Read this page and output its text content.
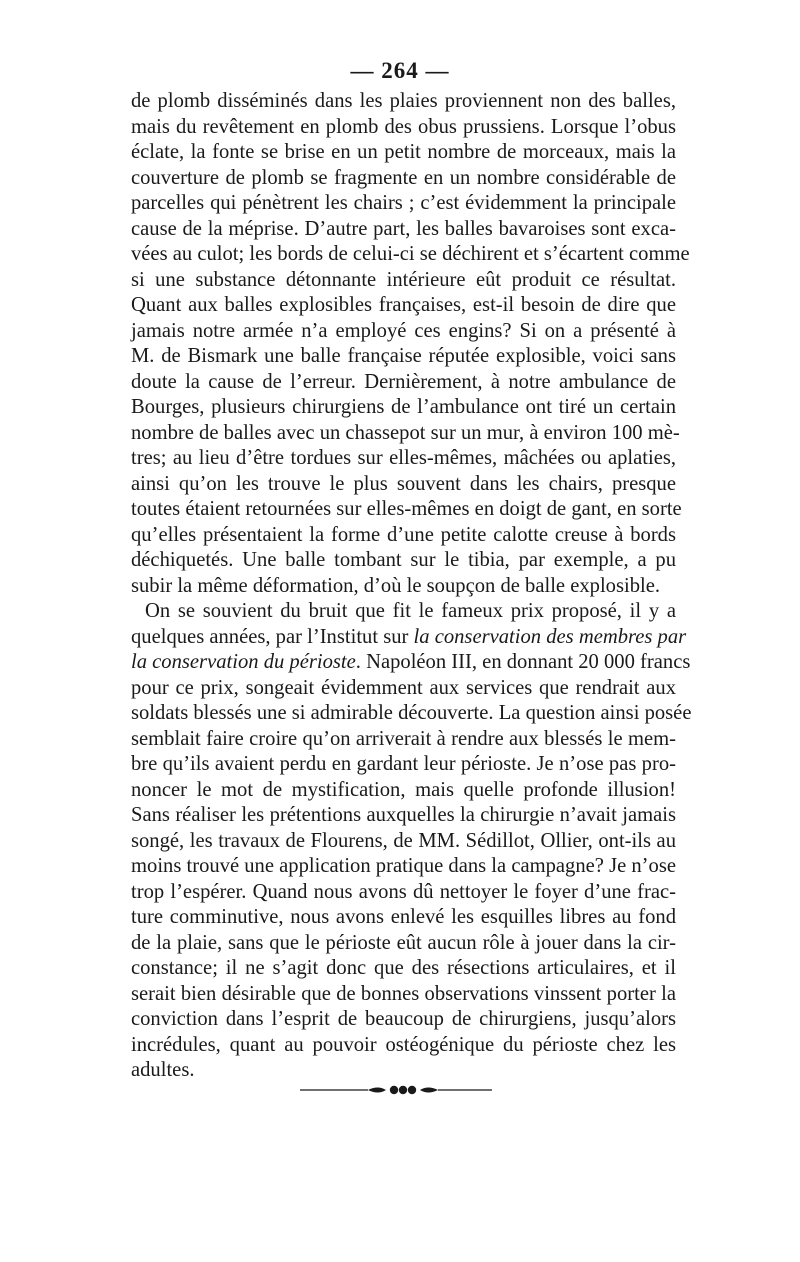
— 264 —
de plomb disséminés dans les plaies proviennent non des balles,
mais du revêtement en plomb des obus prussiens. Lorsque l’obus
éclate, la fonte se brise en un petit nombre de morceaux, mais la
couverture de plomb se fragmente en un nombre considérable de
parcelles qui pénètrent les chairs ; c’est évidemment la principale
cause de la méprise. D’autre part, les balles bavaroises sont exca-
vées au culot; les bords de celui-ci se déchirent et s’écartent comme
si une substance détonnante intérieure eût produit ce résultat.
Quant aux balles explosibles françaises, est-il besoin de dire que
jamais notre armée n’a employé ces engins? Si on a présenté à
M. de Bismark une balle française réputée explosible, voici sans
doute la cause de l’erreur. Dernièrement, à notre ambulance de
Bourges, plusieurs chirurgiens de l’ambulance ont tiré un certain
nombre de balles avec un chassepot sur un mur, à environ 100 mè-
tres; au lieu d’être tordues sur elles-mêmes, mâchées ou aplaties,
ainsi qu’on les trouve le plus souvent dans les chairs, presque
toutes étaient retournées sur elles-mêmes en doigt de gant, en sorte
qu’elles présentaient la forme d’une petite calotte creuse à bords
déchiquetés. Une balle tombant sur le tibia, par exemple, a pu
subir la même déformation, d’où le soupçon de balle explosible.
On se souvient du bruit que fit le fameux prix proposé, il y a
quelques années, par l’Institut sur la conservation des membres par
la conservation du périoste. Napoléon III, en donnant 20 000 francs
pour ce prix, songeait évidemment aux services que rendrait aux
soldats blessés une si admirable découverte. La question ainsi posée
semblait faire croire qu’on arriverait à rendre aux blessés le mem-
bre qu’ils avaient perdu en gardant leur périoste. Je n’ose pas pro-
noncer le mot de mystification, mais quelle profonde illusion!
Sans réaliser les prétentions auxquelles la chirurgie n’avait jamais
songé, les travaux de Flourens, de MM. Sédillot, Ollier, ont-ils au
moins trouvé une application pratique dans la campagne? Je n’ose
trop l’espérer. Quand nous avons dû nettoyer le foyer d’une frac-
ture comminutive, nous avons enlevé les esquilles libres au fond
de la plaie, sans que le périoste eût aucun rôle à jouer dans la cir-
constance; il ne s’agit donc que des résections articulaires, et il
serait bien désirable que de bonnes observations vinssent porter la
conviction dans l’esprit de beaucoup de chirurgiens, jusqu’alors
incrédules, quant au pouvoir ostéogénique du périoste chez les
adultes.
